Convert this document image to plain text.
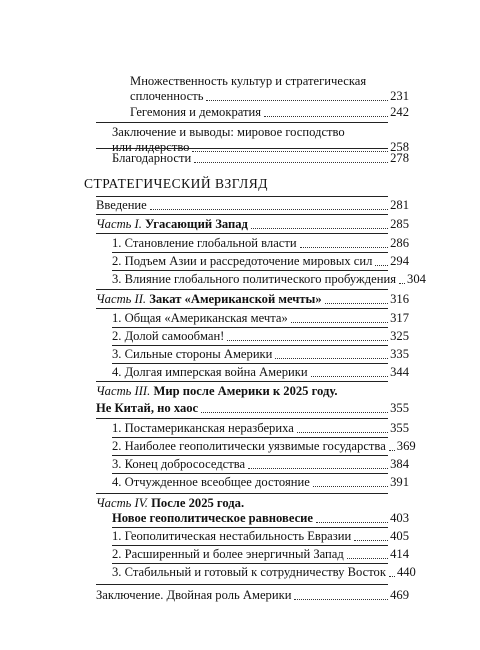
Множественность культур и стратегическая
сплоченность	231
Гегемония и демократия	242
Заключение и выводы: мировое господство
или лидерство	258
Благодарности	278
СТРАТЕГИЧЕСКИЙ ВЗГЛЯД
Введение	281
Часть I. Угасающий Запад	285
1. Становление глобальной власти	286
2. Подъем Азии и рассредоточение мировых сил 294
3. Влияние глобального политического пробуждения 304
Часть II. Закат «Американской мечты»	316
1. Общая «Американская мечта»	317
2. Долой самообман!	325
3. Сильные стороны Америки	335
4. Долгая имперская война Америки	344
Часть III. Мир после Америки к 2025 году.
Не Китай, но хаос	355
1. Постамериканская неразбериха	355
2. Наиболее геополитически уязвимые государства 369
3. Конец добрососедства	384
4. Отчужденное всеобщее достояние	391
Часть IV. После 2025 года.
Новое геополитическое равновесие	403
1. Геополитическая нестабильность Евразии	405
2. Расширенный и более энергичный Запад	414
3. Стабильный и готовый к сотрудничеству Восток 440
Заключение. Двойная роль Америки	469
